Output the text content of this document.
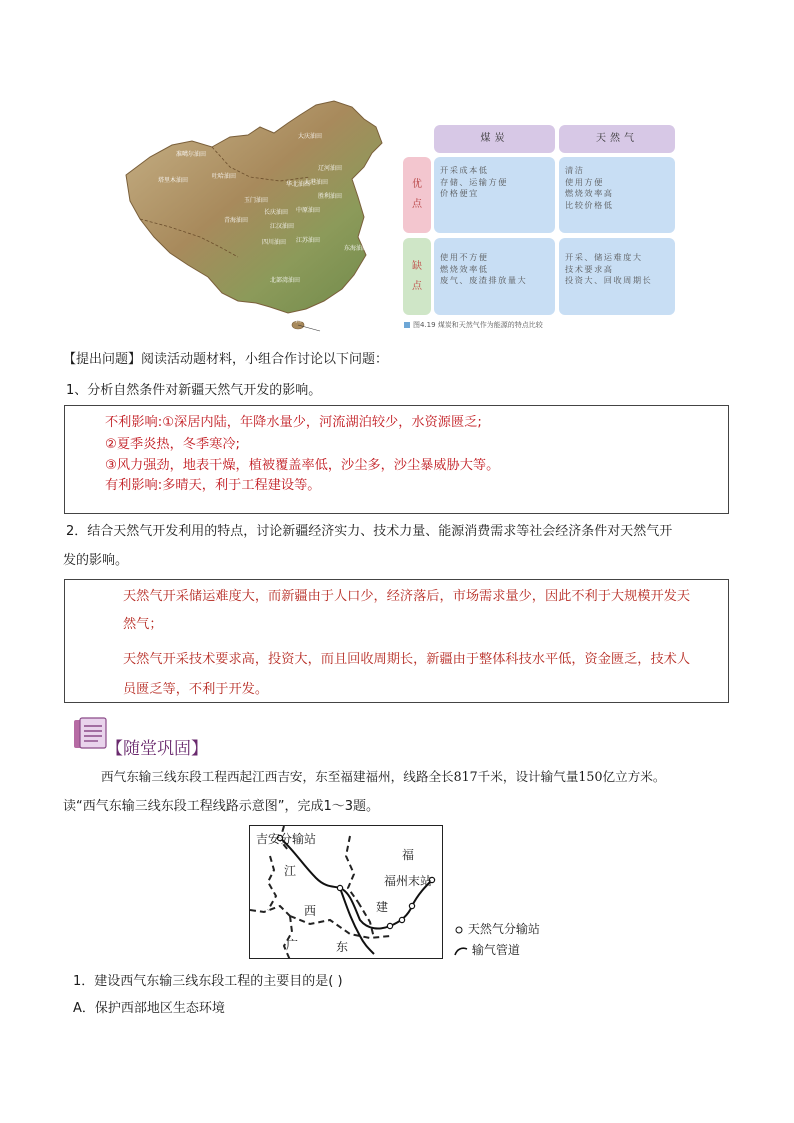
大庆油田
辽河油田
大港油田
胜利油田
华北油田
中原油田
长庆油田
江汉油田
四川油田
东海油田
江苏油田
玉门油田
青海油田
吐哈油田
准噶尔油田
塔里木油田
北部湾油田
南海油田
煤炭	天然气
优
点
缺
点
开采成本低
存储、运输方便
价格便宜
清洁
使用方便
燃烧效率高
比较价格低
使用不方便
燃烧效率低
废气、废渣排放量大
开采、储运难度大
技术要求高
投资大、回收周期长
图4.19 煤炭和天然气作为能源的特点比较
【提出问题】阅读活动题材料，小组合作讨论以下问题：
1、分析自然条件对新疆天然气开发的影响。
不利影响:①深居内陆，年降水量少，河流湖泊较少，水资源匮乏;
②夏季炎热，冬季寒冷;
③风力强劲，地表干燥，植被覆盖率低，沙尘多，沙尘暴威胁大等。
有利影响:多晴天，利于工程建设等。
2．结合天然气开发利用的特点，讨论新疆经济实力、技术力量、能源消费需求等社会经济条件对天然气开
发的影响。
天然气开采储运难度大，而新疆由于人口少，经济落后，市场需求量少，因此不利于大规模开发天
然气；
天然气开采技术要求高，投资大，而且回收周期长，新疆由于整体科技水平低，资金匮乏，技术人
员匮乏等，不利于开发。
【随堂巩固】
西气东输三线东段工程西起江西吉安，东至福建福州，线路全长817千米，设计输气量150亿立方米。
读“西气东输三线东段工程线路示意图”，完成1～3题。
吉安分输站
江
西
福
福州末站
建
广	东
天然气分输站
输气管道
1．建设西气东输三线东段工程的主要目的是( )
A．保护西部地区生态环境
